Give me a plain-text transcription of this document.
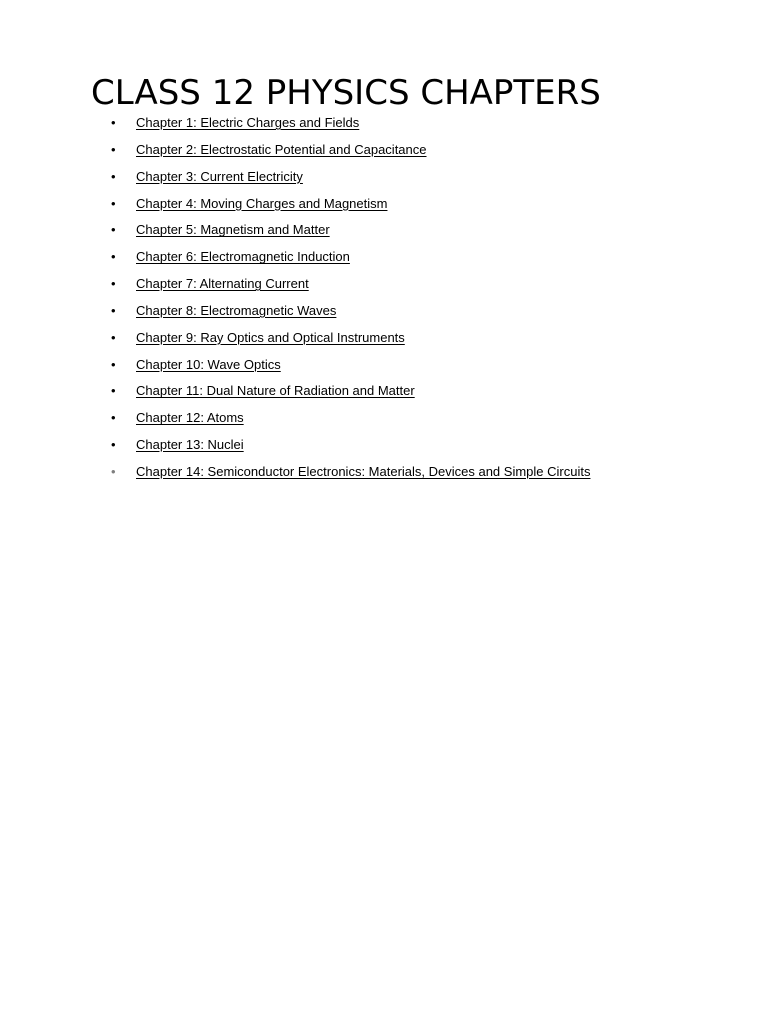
CLASS 12 PHYSICS CHAPTERS
•	Chapter 1: Electric Charges and Fields
•	Chapter 2: Electrostatic Potential and Capacitance
•	Chapter 3: Current Electricity
•	Chapter 4: Moving Charges and Magnetism
•	Chapter 5: Magnetism and Matter
•	Chapter 6: Electromagnetic Induction
•	Chapter 7: Alternating Current
•	Chapter 8: Electromagnetic Waves
•	Chapter 9: Ray Optics and Optical Instruments
•	Chapter 10: Wave Optics
•	Chapter 11: Dual Nature of Radiation and Matter
•	Chapter 12: Atoms
•	Chapter 13: Nuclei
•	Chapter 14: Semiconductor Electronics: Materials, Devices and Simple Circuits
